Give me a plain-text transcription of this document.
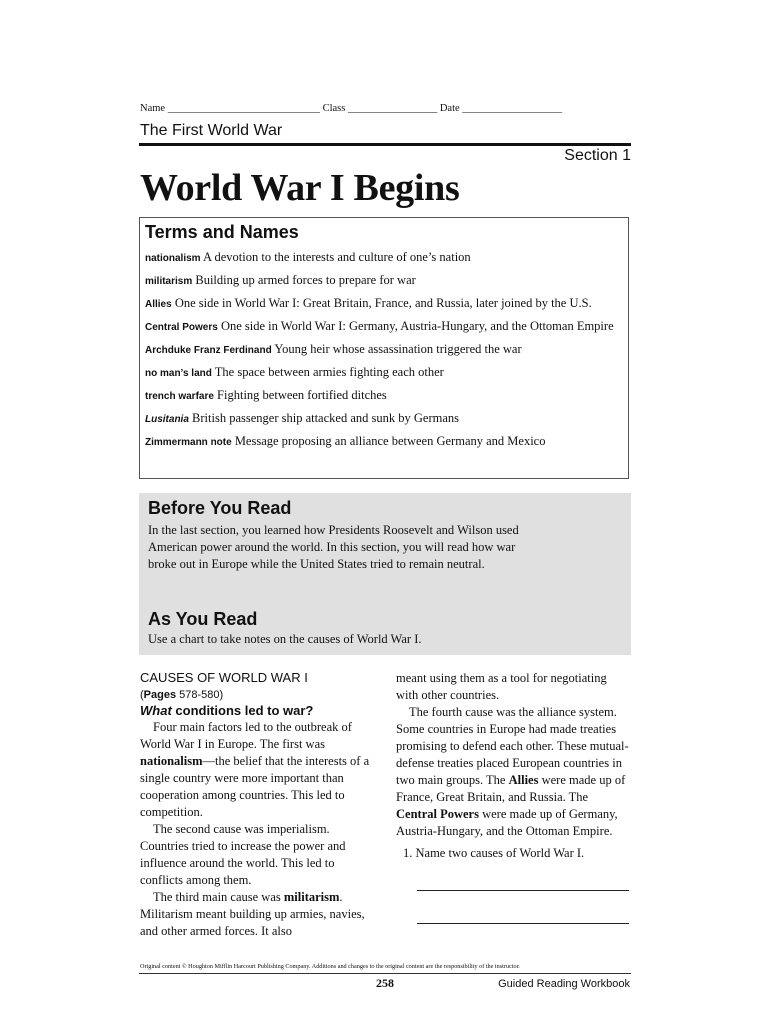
Name _____________________________ Class _________________ Date ___________________
The First World War
Section 1
World War I Begins
Terms and Names
nationalism A devotion to the interests and culture of one’s nation
militarism Building up armed forces to prepare for war
Allies One side in World War I: Great Britain, France, and Russia, later joined by the U.S.
Central Powers One side in World War I: Germany, Austria-Hungary, and the Ottoman Empire
Archduke Franz Ferdinand Young heir whose assassination triggered the war
no man’s land The space between armies fighting each other
trench warfare Fighting between fortified ditches
Lusitania British passenger ship attacked and sunk by Germans
Zimmermann note Message proposing an alliance between Germany and Mexico
Before You Read

In the last section, you learned how Presidents Roosevelt and Wilson used American power around the world. In this section, you will read how war broke out in Europe while the United States tried to remain neutral.

As You Read

Use a chart to take notes on the causes of World War I.

CAUSES OF WORLD WAR I
(Pages 578-580)
What conditions led to war?

Four main factors led to the outbreak of World War I in Europe. The first was nationalism—the belief that the interests of a single country were more important than cooperation among countries. This led to competition.

The second cause was imperialism. Countries tried to increase the power and influence around the world. This led to conflicts among them.

The third main cause was militarism. Militarism meant building up armies, navies, and other armed forces. It also

meant using them as a tool for negotiating with other countries.

The fourth cause was the alliance system. Some countries in Europe had made treaties promising to defend each other. These mutual-defense treaties placed European countries in two main groups. The Allies were made up of France, Great Britain, and Russia. The Central Powers were made up of Germany, Austria-Hungary, and the Ottoman Empire.

1. Name two causes of World War I.

Original content © Houghton Mifflin Harcourt Publishing Company. Additions and changes to the original content are the responsibility of the instructor.
258	Guided Reading Workbook
